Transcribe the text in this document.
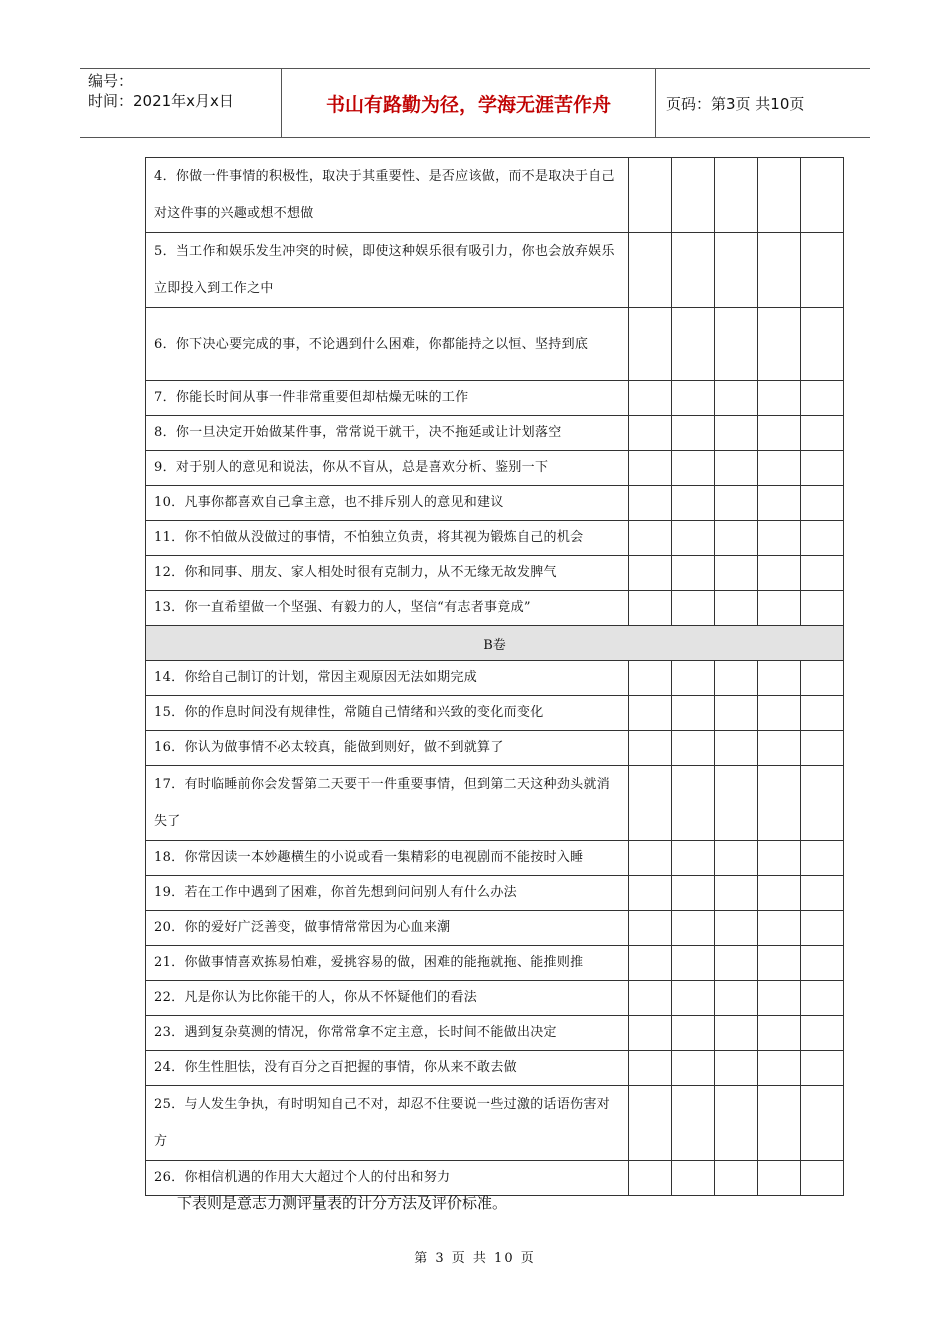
编号：
时间：2021年x月x日	书山有路勤为径，学海无涯苦作舟	页码：第3页 共10页
4．你做一件事情的积极性，取决于其重要性、是否应该做，而不是取决于自己对这件事的兴趣或想不想做					
5．当工作和娱乐发生冲突的时候，即使这种娱乐很有吸引力，你也会放弃娱乐立即投入到工作之中					
6．你下决心要完成的事，不论遇到什么困难，你都能持之以恒、坚持到底					
7．你能长时间从事一件非常重要但却枯燥无味的工作					
8．你一旦决定开始做某件事，常常说干就干，决不拖延或让计划落空					
9．对于别人的意见和说法，你从不盲从，总是喜欢分析、鉴别一下					
10．凡事你都喜欢自己拿主意，也不排斥别人的意见和建议					
11．你不怕做从没做过的事情，不怕独立负责，将其视为锻炼自己的机会					
12．你和同事、朋友、家人相处时很有克制力，从不无缘无故发脾气					
13．你一直希望做一个坚强、有毅力的人，坚信“有志者事竟成”					
B卷					
14．你给自己制订的计划，常因主观原因无法如期完成					
15．你的作息时间没有规律性，常随自己情绪和兴致的变化而变化					
16．你认为做事情不必太较真，能做到则好，做不到就算了					
17．有时临睡前你会发誓第二天要干一件重要事情，但到第二天这种劲头就消失了					
18．你常因读一本妙趣横生的小说或看一集精彩的电视剧而不能按时入睡					
19．若在工作中遇到了困难，你首先想到问问别人有什么办法					
20．你的爱好广泛善变，做事情常常因为心血来潮					
21．你做事情喜欢拣易怕难，爱挑容易的做，困难的能拖就拖、能推则推					
22．凡是你认为比你能干的人，你从不怀疑他们的看法					
23．遇到复杂莫测的情况，你常常拿不定主意，长时间不能做出决定					
24．你生性胆怯，没有百分之百把握的事情，你从来不敢去做					
25．与人发生争执，有时明知自己不对，却忍不住要说一些过激的话语伤害对方					
26．你相信机遇的作用大大超过个人的付出和努力					
下表则是意志力测评量表的计分方法及评价标准。
第 3 页 共 10 页
